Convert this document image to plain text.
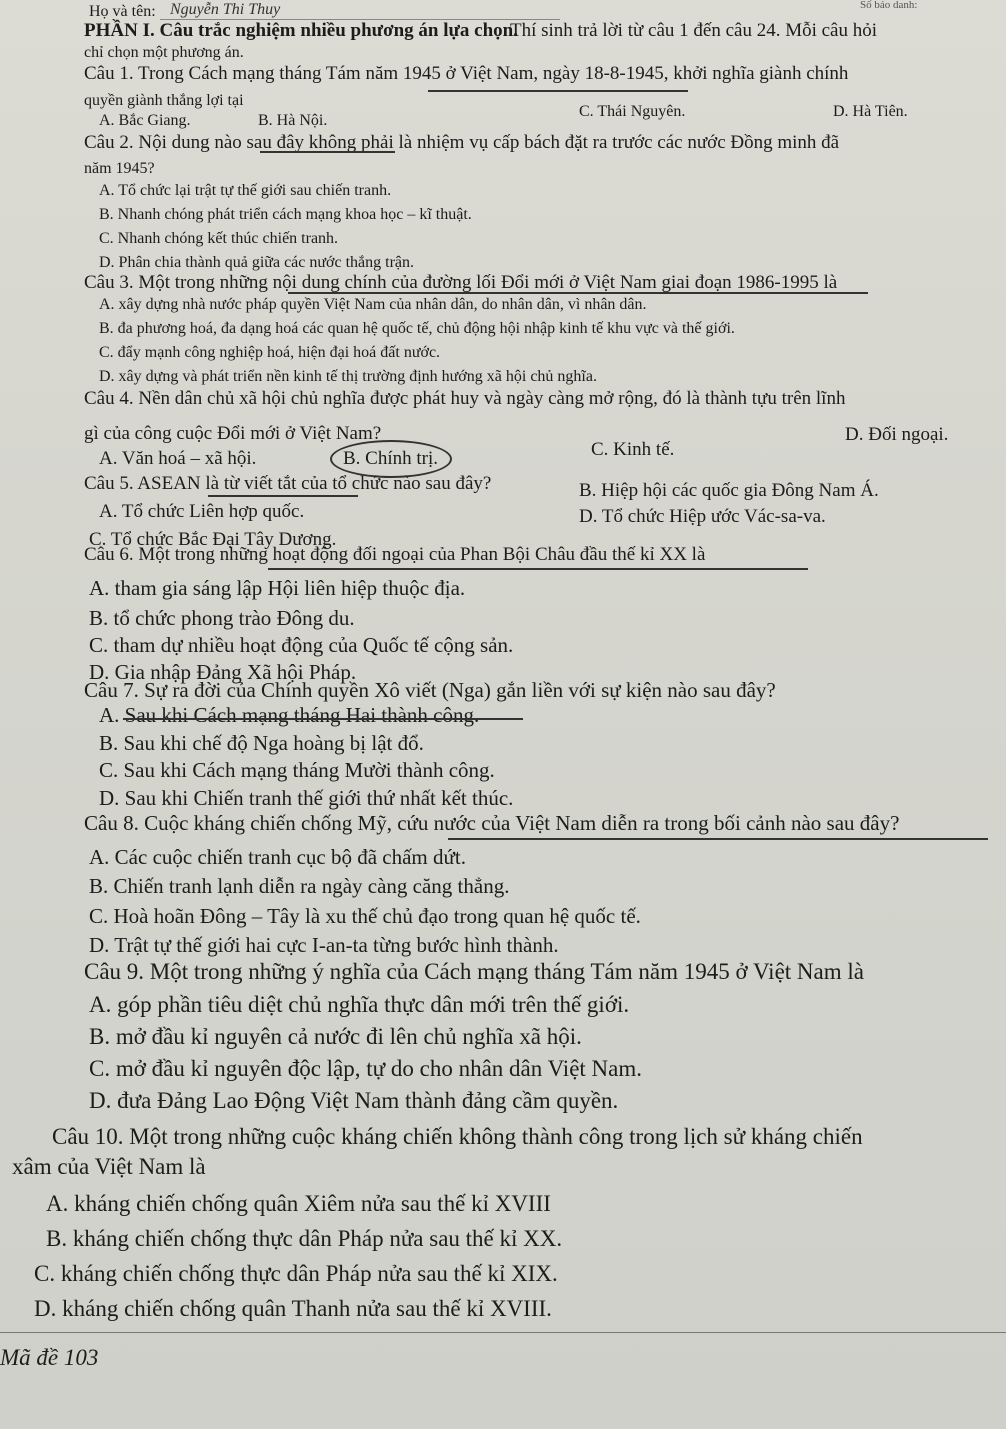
Họ và tên: Nguyễn Thi Thuy	Số báo danh:
PHẦN I. Câu trắc nghiệm nhiều phương án lựa chọn.
Thí sinh trả lời từ câu 1 đến câu 24. Mỗi câu hỏi
chỉ chọn một phương án.
Câu 1. Trong Cách mạng tháng Tám năm 1945 ở Việt Nam, ngày 18-8-1945, khởi nghĩa giành chính
quyền giành thắng lợi tại
A. Bắc Giang.	B. Hà Nội.
C. Thái Nguyên.	D. Hà Tiên.
Câu 2. Nội dung nào sau đây không phải là nhiệm vụ cấp bách đặt ra trước các nước Đồng minh đã
năm 1945?
A. Tổ chức lại trật tự thế giới sau chiến tranh.
B. Nhanh chóng phát triển cách mạng khoa học – kĩ thuật.
C. Nhanh chóng kết thúc chiến tranh.
D. Phân chia thành quả giữa các nước thắng trận.
Câu 3. Một trong những nội dung chính của đường lối Đổi mới ở Việt Nam giai đoạn 1986-1995 là
A. xây dựng nhà nước pháp quyền Việt Nam của nhân dân, do nhân dân, vì nhân dân.
B. đa phương hoá, đa dạng hoá các quan hệ quốc tế, chủ động hội nhập kinh tế khu vực và thế giới.
C. đẩy mạnh công nghiệp hoá, hiện đại hoá đất nước.
D. xây dựng và phát triển nền kinh tế thị trường định hướng xã hội chủ nghĩa.
Câu 4. Nền dân chủ xã hội chủ nghĩa được phát huy và ngày càng mở rộng, đó là thành tựu trên lĩnh
gì của công cuộc Đổi mới ở Việt Nam?
A. Văn hoá – xã hội.	B. Chính trị.	C. Kinh tế.
D. Đối ngoại.
Câu 5. ASEAN là từ viết tắt của tổ chức nào sau đây?
A. Tổ chức Liên hợp quốc.
B. Hiệp hội các quốc gia Đông Nam Á.
C. Tổ chức Bắc Đại Tây Dương.
D. Tổ chức Hiệp ước Vác-sa-va.
Câu 6. Một trong những hoạt động đối ngoại của Phan Bội Châu đầu thế kỉ XX là
A. tham gia sáng lập Hội liên hiệp thuộc địa.
B. tổ chức phong trào Đông du.
C. tham dự nhiều hoạt động của Quốc tế cộng sản.
D. Gia nhập Đảng Xã hội Pháp.
Câu 7. Sự ra đời của Chính quyền Xô viết (Nga) gắn liền với sự kiện nào sau đây?
A. Sau khi Cách mạng tháng Hai thành công.
B. Sau khi chế độ Nga hoàng bị lật đổ.
C. Sau khi Cách mạng tháng Mười thành công.
D. Sau khi Chiến tranh thế giới thứ nhất kết thúc.
Câu 8. Cuộc kháng chiến chống Mỹ, cứu nước của Việt Nam diễn ra trong bối cảnh nào sau đây?
A. Các cuộc chiến tranh cục bộ đã chấm dứt.
B. Chiến tranh lạnh diễn ra ngày càng căng thẳng.
C. Hoà hoãn Đông – Tây là xu thế chủ đạo trong quan hệ quốc tế.
D. Trật tự thế giới hai cực I-an-ta từng bước hình thành.
Câu 9. Một trong những ý nghĩa của Cách mạng tháng Tám năm 1945 ở Việt Nam là
A. góp phần tiêu diệt chủ nghĩa thực dân mới trên thế giới.
B. mở đầu kỉ nguyên cả nước đi lên chủ nghĩa xã hội.
C. mở đầu kỉ nguyên độc lập, tự do cho nhân dân Việt Nam.
D. đưa Đảng Lao Động Việt Nam thành đảng cầm quyền.
Câu 10. Một trong những cuộc kháng chiến không thành công trong lịch sử kháng chiến
xâm của Việt Nam là
A. kháng chiến chống quân Xiêm nửa sau thế kỉ XVIII
B. kháng chiến chống thực dân Pháp nửa sau thế kỉ XX.
C. kháng chiến chống thực dân Pháp nửa sau thế kỉ XIX.
D. kháng chiến chống quân Thanh nửa sau thế kỉ XVIII.
Mã đề 103
